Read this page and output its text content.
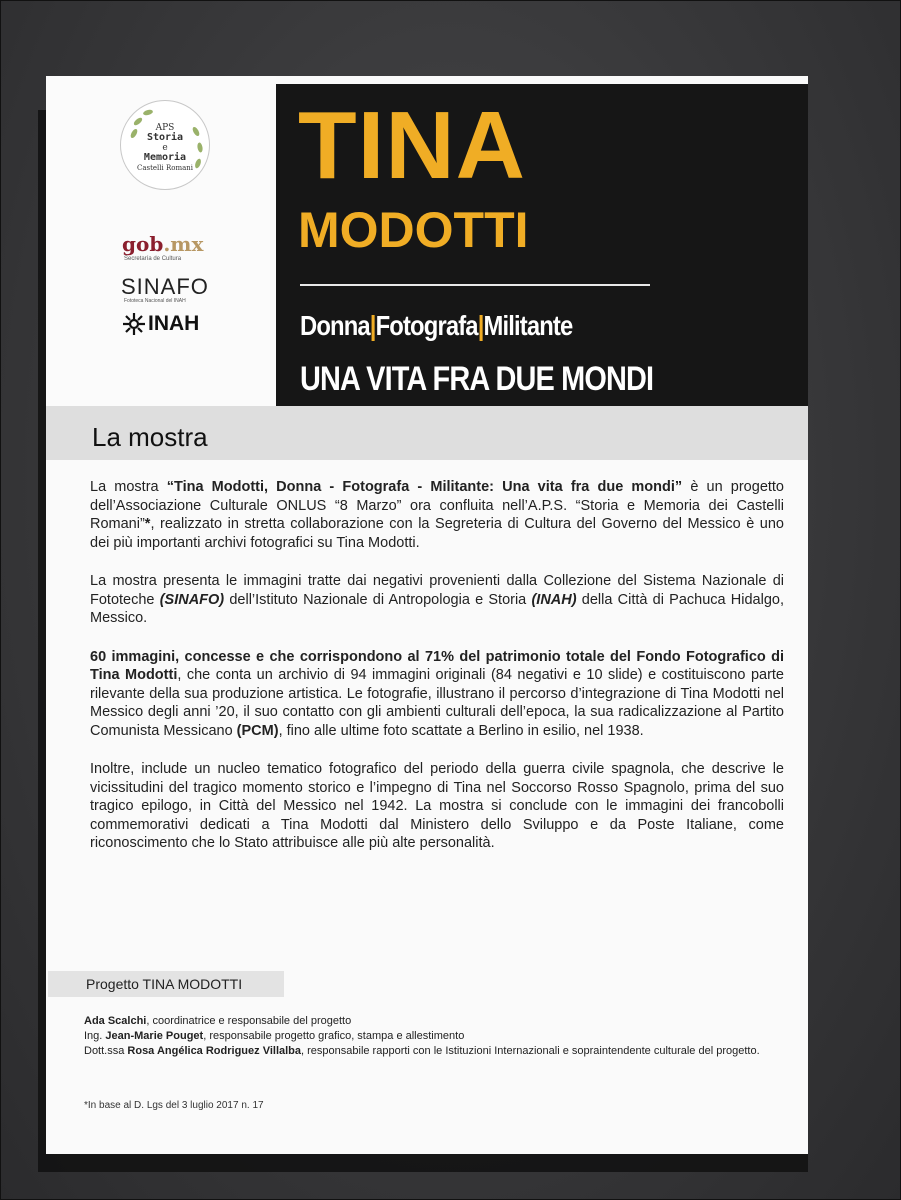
APS
Storia
e
Memoria
Castelli Romani
gob.mx
Secretaría de Cultura
SINAFO
Fototeca Nacional del INAH
INAH
TINA
MODOTTI
Donna|Fotografa|Militante
UNA VITA FRA DUE MONDI
La mostra

La mostra “Tina Modotti, Donna - Fotografa - Militante: Una vita fra due mondi” è un progetto dell’Associazione Culturale ONLUS “8 Marzo” ora confluita nell’A.P.S. “Storia e Memoria dei Castelli Romani”*, realizzato in stretta collaborazione con la Segreteria di Cultura del Governo del Messico è uno dei più importanti archivi fotografici su Tina Modotti.

La mostra presenta le immagini tratte dai negativi provenienti dalla Collezione del Sistema Nazionale di Fototeche (SINAFO) dell’Istituto Nazionale di Antropologia e Storia (INAH) della Città di Pachuca Hidalgo, Messico.

60 immagini, concesse e che corrispondono al 71% del patrimonio totale del Fondo Fotografico di Tina Modotti, che conta un archivio di 94 immagini originali (84 negativi e 10 slide) e costituiscono parte rilevante della sua produzione artistica. Le fotografie, illustrano il percorso d’integrazione di Tina Modotti nel Messico degli anni ’20, il suo contatto con gli ambienti culturali dell’epoca, la sua radicalizzazione al Partito Comunista Messicano (PCM), fino alle ultime foto scattate a Berlino in esilio, nel 1938.

Inoltre, include un nucleo tematico fotografico del periodo della guerra civile spagnola, che descrive le vicissitudini del tragico momento storico e l’impegno di Tina nel Soccorso Rosso Spagnolo, prima del suo tragico epilogo, in Città del Messico nel 1942. La mostra si conclude con le immagini dei francobolli commemorativi dedicati a Tina Modotti dal Ministero dello Sviluppo e da Poste Italiane, come riconoscimento che lo Stato attribuisce alle più alte personalità.

Progetto TINA MODOTTI
Ada Scalchi, coordinatrice e responsabile del progetto
Ing. Jean-Marie Pouget, responsabile progetto grafico, stampa e allestimento
Dott.ssa Rosa Angélica Rodriguez Villalba, responsabile rapporti con le Istituzioni Internazionali e sopraintendente culturale del progetto.
*In base al D. Lgs del 3 luglio 2017 n. 17
